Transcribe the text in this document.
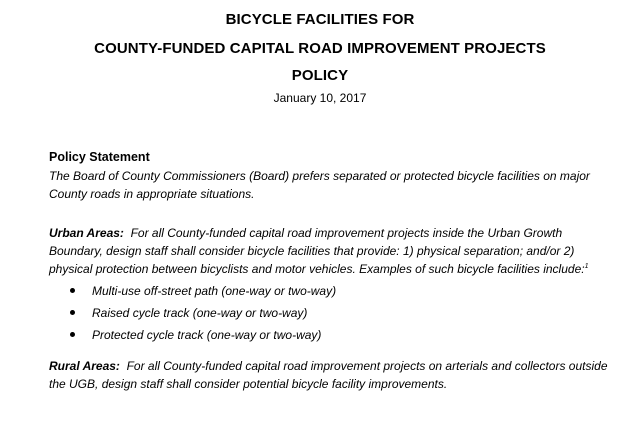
BICYCLE FACILITIES FOR
COUNTY-FUNDED CAPITAL ROAD IMPROVEMENT PROJECTS
POLICY
January 10, 2017
Policy Statement
The Board of County Commissioners (Board) prefers separated or protected bicycle facilities on major
County roads in appropriate situations.
Urban Areas:  For all County-funded capital road improvement projects inside the Urban Growth
Boundary, design staff shall consider bicycle facilities that provide: 1) physical separation; and/or 2)
physical protection between bicyclists and motor vehicles. Examples of such bicycle facilities include:$^1$
Multi-use off-street path (one-way or two-way)
Raised cycle track (one-way or two-way)
Protected cycle track (one-way or two-way)
Rural Areas:  For all County-funded capital road improvement projects on arterials and collectors outside
the UGB, design staff shall consider potential bicycle facility improvements.
